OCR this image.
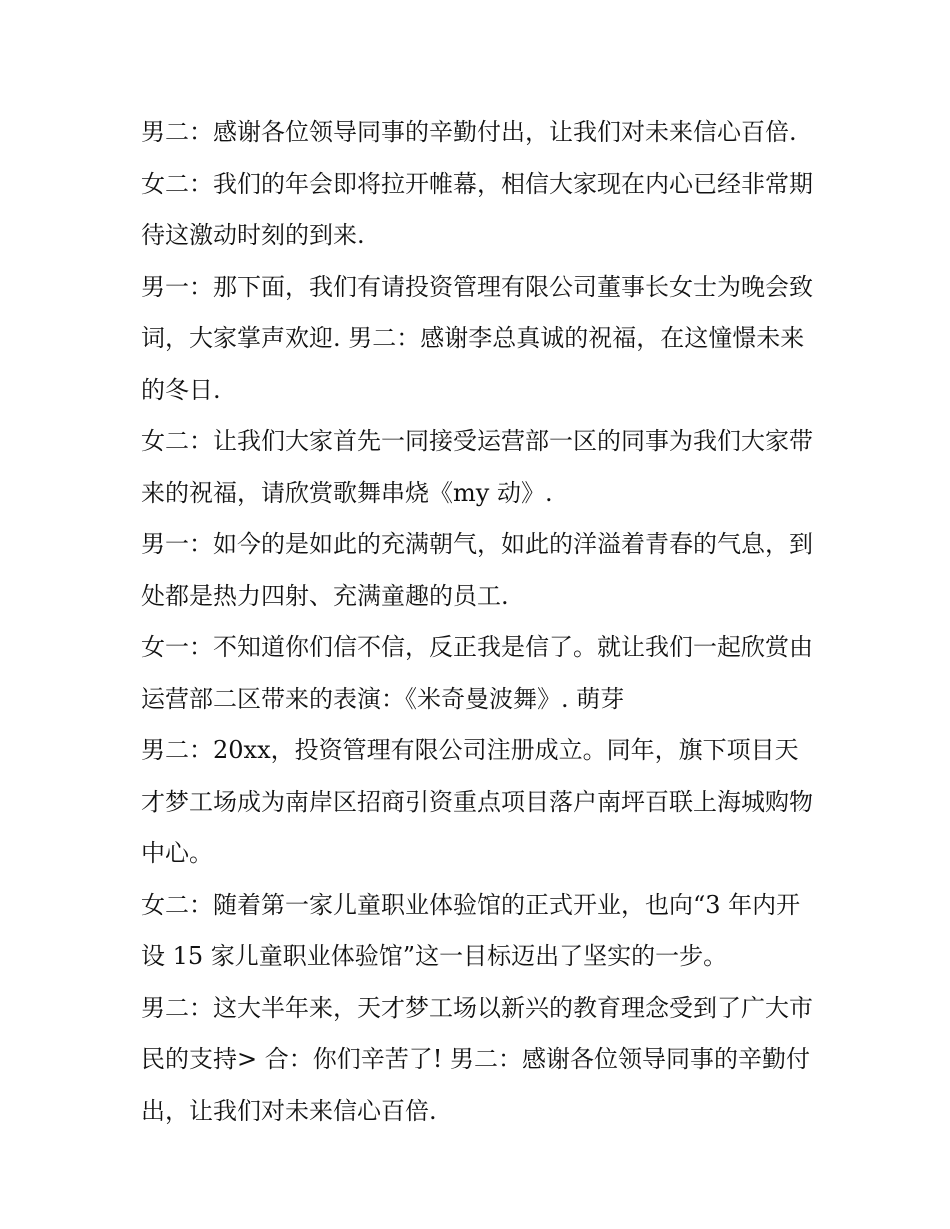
男二：感谢各位领导同事的辛勤付出，让我们对未来信心百倍. 女二：我们的年会即将拉开帷幕，相信大家现在内心已经非常期待这激动时刻的到来.

男一：那下面，我们有请投资管理有限公司董事长女士为晚会致词，大家掌声欢迎. 男二：感谢李总真诚的祝福，在这憧憬未来的冬日.

女二：让我们大家首先一同接受运营部一区的同事为我们大家带来的祝福，请欣赏歌舞串烧《my 动》.

男一：如今的是如此的充满朝气，如此的洋溢着青春的气息，到处都是热力四射、充满童趣的员工.

女一：不知道你们信不信，反正我是信了。就让我们一起欣赏由运营部二区带来的表演：《米奇曼波舞》. 萌芽

男二：20xx，投资管理有限公司注册成立。同年，旗下项目天才梦工场成为南岸区招商引资重点项目落户南坪百联上海城购物中心。

女二：随着第一家儿童职业体验馆的正式开业，也向“3 年内开设 15 家儿童职业体验馆”这一目标迈出了坚实的一步。

男二：这大半年来，天才梦工场以新兴的教育理念受到了广大市民的支持> 合：你们辛苦了! 男二：感谢各位领导同事的辛勤付出，让我们对未来信心百倍.
